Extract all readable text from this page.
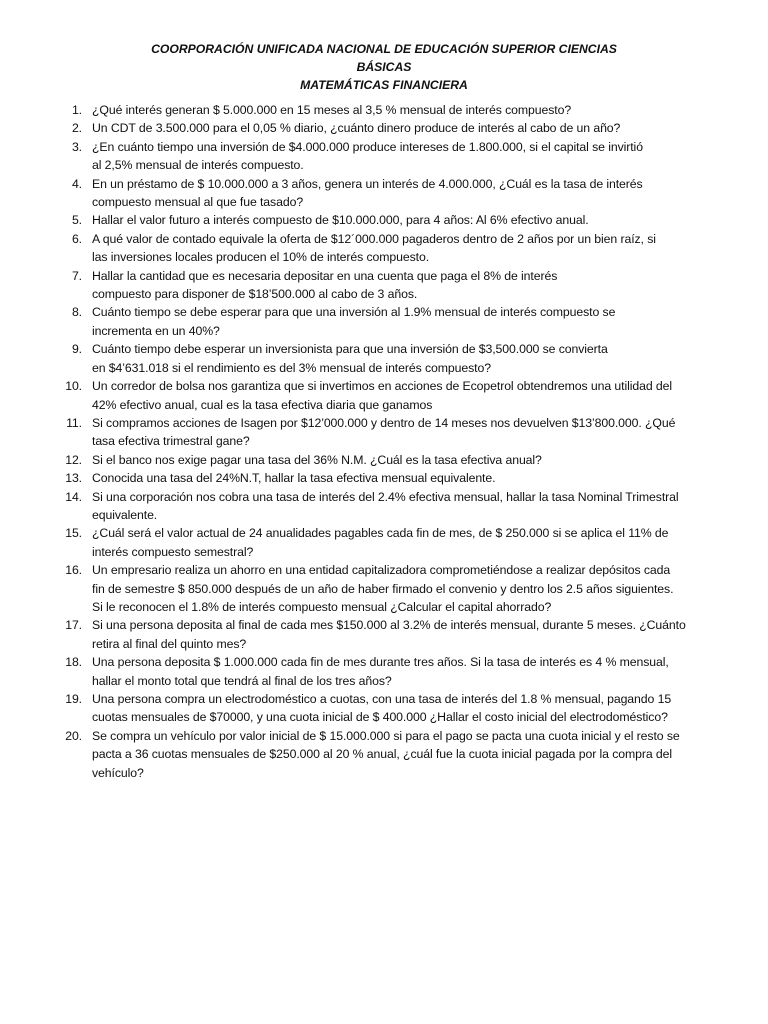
COORPORACIÓN UNIFICADA NACIONAL DE EDUCACIÓN SUPERIOR CIENCIAS
BÁSICAS
MATEMÁTICAS FINANCIERA
1. ¿Qué interés generan $ 5.000.000 en 15 meses al 3,5 % mensual de interés compuesto?
2. Un CDT de 3.500.000 para el 0,05 % diario, ¿cuánto dinero produce de interés al cabo de un año?
3. ¿En cuánto tiempo una inversión de $4.000.000 produce intereses de 1.800.000, si el capital se invirtió
al 2,5% mensual de interés compuesto.
4. En un préstamo de $ 10.000.000 a 3 años, genera un interés de 4.000.000, ¿Cuál es la tasa de interés
compuesto mensual al que fue tasado?
5. Hallar el valor futuro a interés compuesto de $10.000.000, para 4 años: Al 6% efectivo anual.
6. A qué valor de contado equivale la oferta de $12´000.000 pagaderos dentro de 2 años por un bien raíz, si
las inversiones locales producen el 10% de interés compuesto.
7. Hallar la cantidad que es necesaria depositar en una cuenta que paga el 8% de interés
compuesto para disponer de $18’500.000 al cabo de 3 años.
8. Cuánto tiempo se debe esperar para que una inversión al 1.9% mensual de interés compuesto se
incrementa en un 40%?
9. Cuánto tiempo debe esperar un inversionista para que una inversión de $3,500.000 se convierta
en $4’631.018 si el rendimiento es del 3% mensual de interés compuesto?
10. Un corredor de bolsa nos garantiza que si invertimos en acciones de Ecopetrol obtendremos una utilidad del
42% efectivo anual, cual es la tasa efectiva diaria que ganamos
11. Si compramos acciones de Isagen por $12’000.000 y dentro de 14 meses nos devuelven $13’800.000. ¿Qué
tasa efectiva trimestral gane?
12. Si el banco nos exige pagar una tasa del 36% N.M. ¿Cuál es la tasa efectiva anual?
13. Conocida una tasa del 24%N.T, hallar la tasa efectiva mensual equivalente.
14. Si una corporación nos cobra una tasa de interés del 2.4% efectiva mensual, hallar la tasa Nominal Trimestral
equivalente.
15. ¿Cuál será el valor actual de 24 anualidades pagables cada fin de mes, de $ 250.000 si se aplica el 11% de
interés compuesto semestral?
16. Un empresario realiza un ahorro en una entidad capitalizadora comprometiéndose a realizar depósitos cada
fin de semestre $ 850.000 después de un año de haber firmado el convenio y dentro los 2.5 años siguientes.
Si le reconocen el 1.8% de interés compuesto mensual ¿Calcular el capital ahorrado?
17. Si una persona deposita al final de cada mes $150.000 al 3.2% de interés mensual, durante 5 meses. ¿Cuánto
retira al final del quinto mes?
18. Una persona deposita $ 1.000.000 cada fin de mes durante tres años. Si la tasa de interés es 4 % mensual,
hallar el monto total que tendrá al final de los tres años?
19. Una persona compra un electrodoméstico a cuotas, con una tasa de interés del 1.8 % mensual, pagando 15
cuotas mensuales de $70000, y una cuota inicial de $ 400.000 ¿Hallar el costo inicial del electrodoméstico?
20. Se compra un vehículo por valor inicial de $ 15.000.000 si para el pago se pacta una cuota inicial y el resto se
pacta a 36 cuotas mensuales de $250.000 al 20 % anual, ¿cuál fue la cuota inicial pagada por la compra del
vehículo?
